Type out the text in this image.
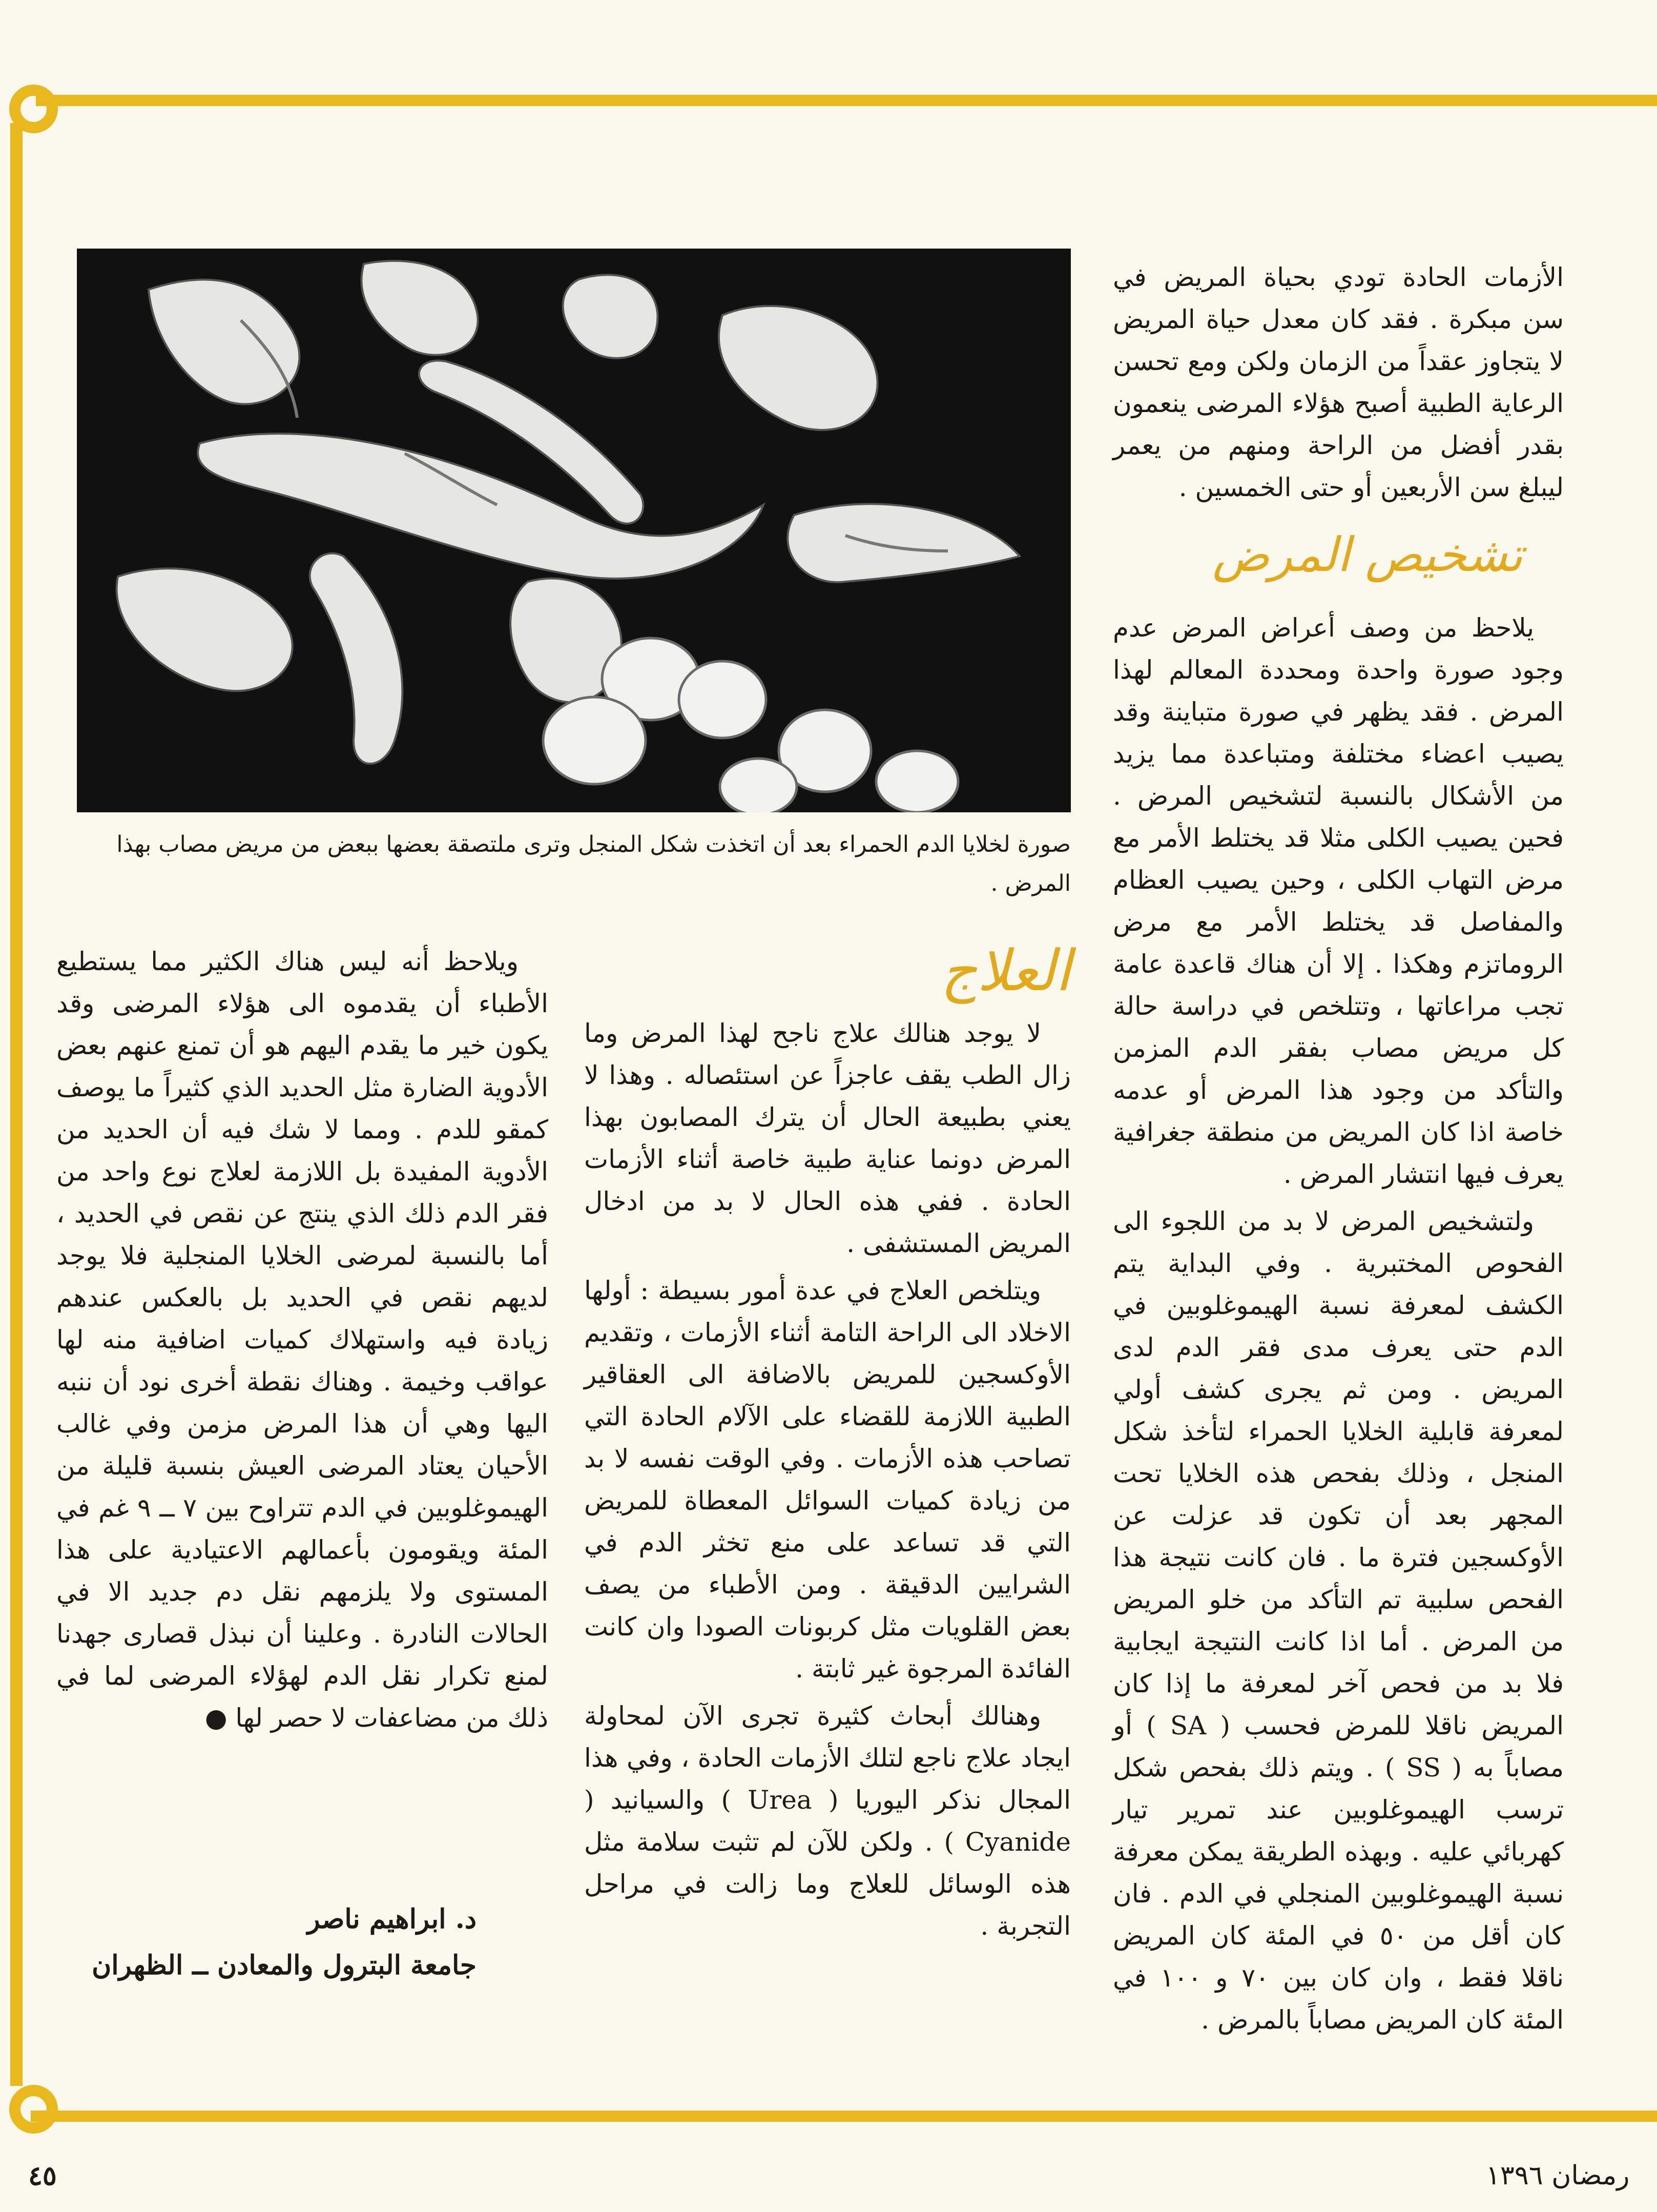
صورة لخلايا الدم الحمراء بعد أن اتخذت شكل المنجل وترى ملتصقة بعضها ببعض من مريض مصاب بهذا المرض .

الأزمات الحادة تودي بحياة المريض في سن مبكرة . فقد كان معدل حياة المريض لا يتجاوز عقداً من الزمان ولكن ومع تحسن الرعاية الطبية أصبح هؤلاء المرضى ينعمون بقدر أفضل من الراحة ومنهم من يعمر ليبلغ سن الأربعين أو حتى الخمسين .

تشخيص المرض

يلاحظ من وصف أعراض المرض عدم وجود صورة واحدة ومحددة المعالم لهذا المرض . فقد يظهر في صورة متباينة وقد يصيب اعضاء مختلفة ومتباعدة مما يزيد من الأشكال بالنسبة لتشخيص المرض . فحين يصيب الكلى مثلا قد يختلط الأمر مع مرض التهاب الكلى ، وحين يصيب العظام والمفاصل قد يختلط الأمر مع مرض الروماتزم وهكذا . إلا أن هناك قاعدة عامة تجب مراعاتها ، وتتلخص في دراسة حالة كل مريض مصاب بفقر الدم المزمن والتأكد من وجود هذا المرض أو عدمه خاصة اذا كان المريض من منطقة جغرافية يعرف فيها انتشار المرض .

ولتشخيص المرض لا بد من اللجوء الى الفحوص المختبرية . وفي البداية يتم الكشف لمعرفة نسبة الهيموغلوبين في الدم حتى يعرف مدى فقر الدم لدى المريض . ومن ثم يجرى كشف أولي لمعرفة قابلية الخلايا الحمراء لتأخذ شكل المنجل ، وذلك بفحص هذه الخلايا تحت المجهر بعد أن تكون قد عزلت عن الأوكسجين فترة ما . فان كانت نتيجة هذا الفحص سلبية تم التأكد من خلو المريض من المرض . أما اذا كانت النتيجة ايجابية فلا بد من فحص آخر لمعرفة ما إذا كان المريض ناقلا للمرض فحسب ( SA ) أو مصاباً به ( SS ) . ويتم ذلك بفحص شكل ترسب الهيموغلوبين عند تمرير تيار كهربائي عليه . وبهذه الطريقة يمكن معرفة نسبة الهيموغلوبين المنجلي في الدم . فان كان أقل من ٥٠ في المئة كان المريض ناقلا فقط ، وان كان بين ٧٠ و ١٠٠ في المئة كان المريض مصاباً بالمرض .

العلاج

لا يوجد هنالك علاج ناجح لهذا المرض وما زال الطب يقف عاجزاً عن استئصاله . وهذا لا يعني بطبيعة الحال أن يترك المصابون بهذا المرض دونما عناية طبية خاصة أثناء الأزمات الحادة . ففي هذه الحال لا بد من ادخال المريض المستشفى .

ويتلخص العلاج في عدة أمور بسيطة : أولها الاخلاد الى الراحة التامة أثناء الأزمات ، وتقديم الأوكسجين للمريض بالاضافة الى العقاقير الطبية اللازمة للقضاء على الآلام الحادة التي تصاحب هذه الأزمات . وفي الوقت نفسه لا بد من زيادة كميات السوائل المعطاة للمريض التي قد تساعد على منع تخثر الدم في الشرايين الدقيقة . ومن الأطباء من يصف بعض القلويات مثل كربونات الصودا وان كانت الفائدة المرجوة غير ثابتة .

وهنالك أبحاث كثيرة تجرى الآن لمحاولة ايجاد علاج ناجع لتلك الأزمات الحادة ، وفي هذا المجال نذكر اليوريا ( Urea ) والسيانيد ( Cyanide ) . ولكن للآن لم تثبت سلامة مثل هذه الوسائل للعلاج وما زالت في مراحل التجربة .

ويلاحظ أنه ليس هناك الكثير مما يستطيع الأطباء أن يقدموه الى هؤلاء المرضى وقد يكون خير ما يقدم اليهم هو أن تمنع عنهم بعض الأدوية الضارة مثل الحديد الذي كثيراً ما يوصف كمقو للدم . ومما لا شك فيه أن الحديد من الأدوية المفيدة بل اللازمة لعلاج نوع واحد من فقر الدم ذلك الذي ينتج عن نقص في الحديد ، أما بالنسبة لمرضى الخلايا المنجلية فلا يوجد لديهم نقص في الحديد بل بالعكس عندهم زيادة فيه واستهلاك كميات اضافية منه لها عواقب وخيمة . وهناك نقطة أخرى نود أن ننبه اليها وهي أن هذا المرض مزمن وفي غالب الأحيان يعتاد المرضى العيش بنسبة قليلة من الهيموغلوبين في الدم تتراوح بين ٧ ــ ٩ غم في المئة ويقومون بأعمالهم الاعتيادية على هذا المستوى ولا يلزمهم نقل دم جديد الا في الحالات النادرة . وعلينا أن نبذل قصارى جهدنا لمنع تكرار نقل الدم لهؤلاء المرضى لما في ذلك من مضاعفات لا حصر لها ●

د. ابراهيم ناصر
جامعة البترول والمعادن ــ الظهران
٤٥	رمضان ١٣٩٦
